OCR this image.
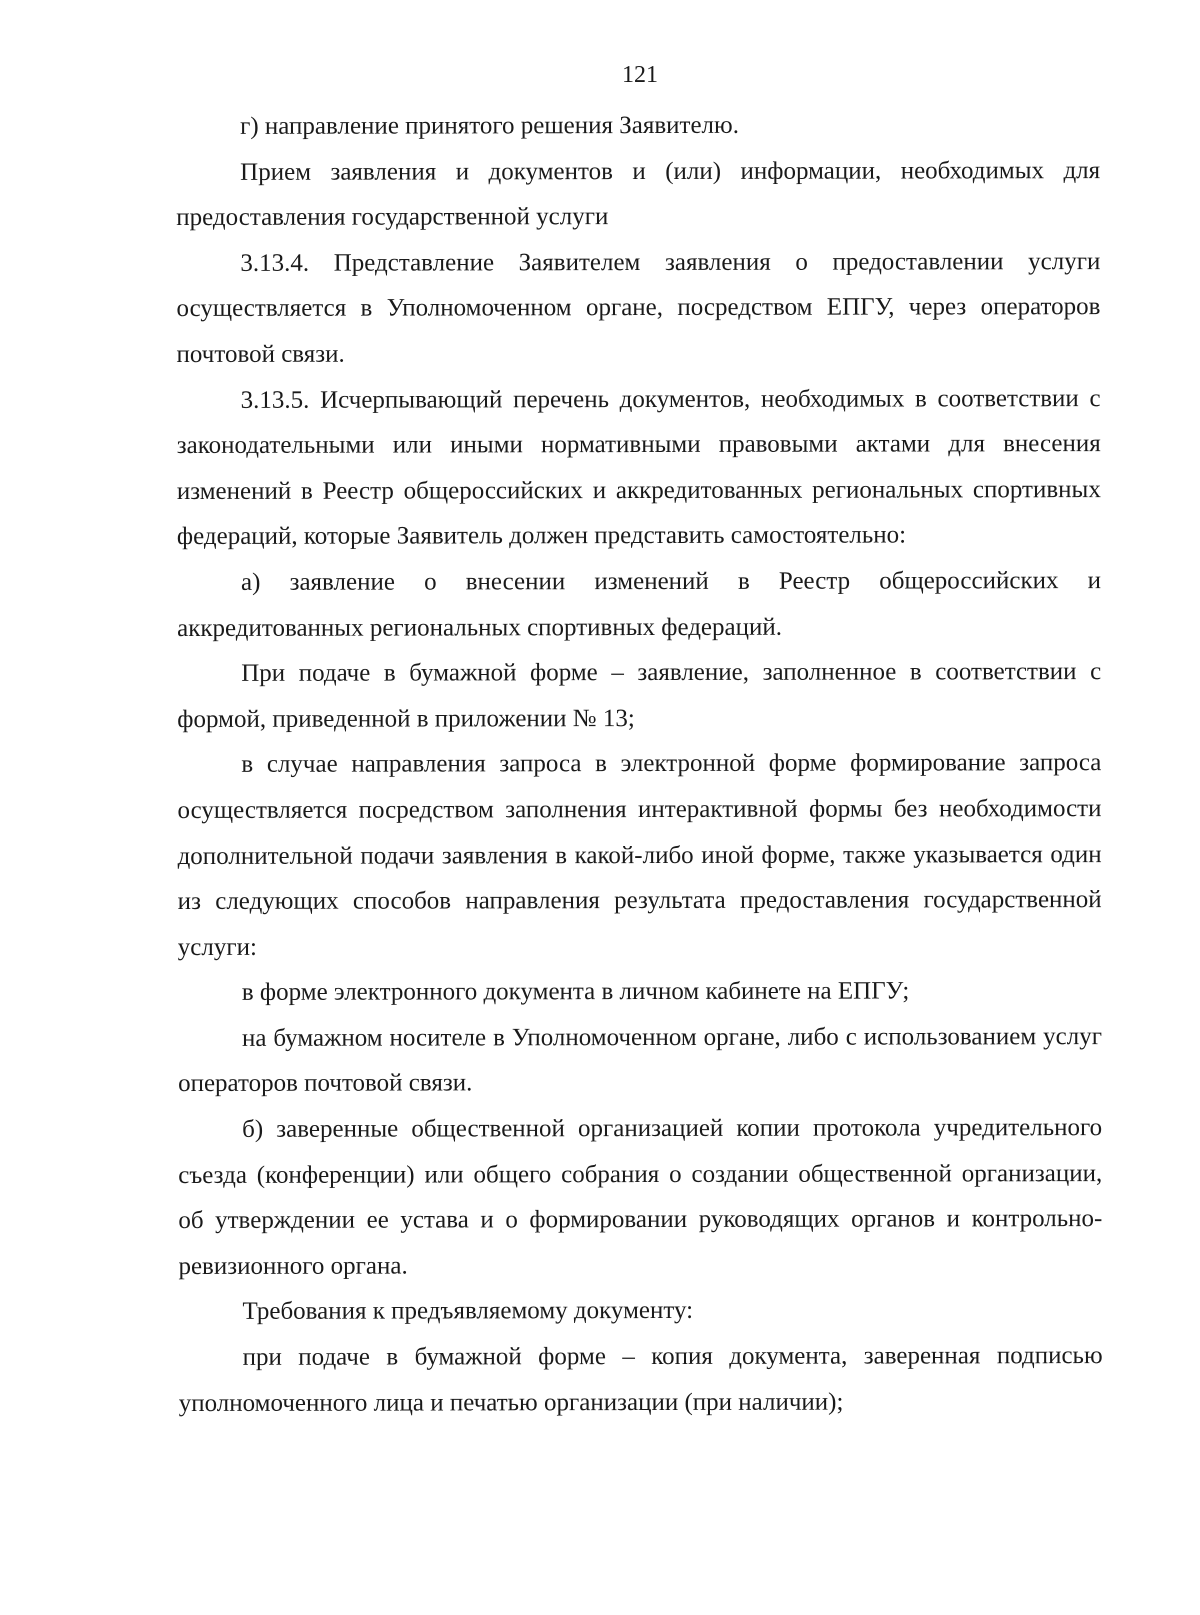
121

г) направление принятого решения Заявителю.

Прием заявления и документов и (или) информации, необходимых для предоставления государственной услуги

3.13.4. Представление Заявителем заявления о предоставлении услуги осуществляется в Уполномоченном органе, посредством ЕПГУ, через операторов почтовой связи.

3.13.5. Исчерпывающий перечень документов, необходимых в соответствии с законодательными или иными нормативными правовыми актами для внесения изменений в Реестр общероссийских и аккредитованных региональных спортивных федераций, которые Заявитель должен представить самостоятельно:

а) заявление о внесении изменений в Реестр общероссийских и аккредитованных региональных спортивных федераций.

При подаче в бумажной форме – заявление, заполненное в соответствии с формой, приведенной в приложении № 13;

в случае направления запроса в электронной форме формирование запроса осуществляется посредством заполнения интерактивной формы без необходимости дополнительной подачи заявления в какой-либо иной форме, также указывается один из следующих способов направления результата предоставления государственной услуги:

в форме электронного документа в личном кабинете на ЕПГУ;

на бумажном носителе в Уполномоченном органе, либо с использованием услуг операторов почтовой связи.

б) заверенные общественной организацией копии протокола учредительного съезда (конференции) или общего собрания о создании общественной организации, об утверждении ее устава и о формировании руководящих органов и контрольно-ревизионного органа.

Требования к предъявляемому документу:

при подаче в бумажной форме – копия документа, заверенная подписью уполномоченного лица и печатью организации (при наличии);
